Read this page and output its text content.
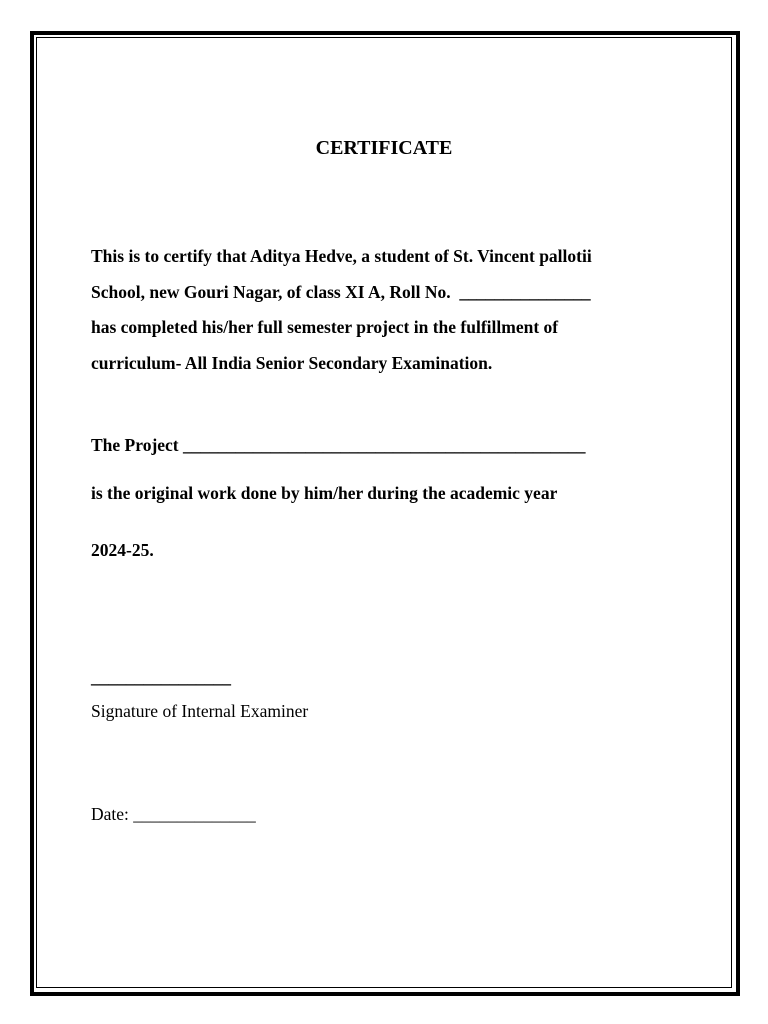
CERTIFICATE
This is to certify that Aditya Hedve, a student of St. Vincent pallotii
School, new Gouri Nagar, of class XI A, Roll No.  _______________
has completed his/her full semester project in the fulfillment of
curriculum- All India Senior Secondary Examination.
The Project ______________________________________________
is the original work done by him/her during the academic year
2024-25.
________________
Signature of Internal Examiner
Date: ______________
